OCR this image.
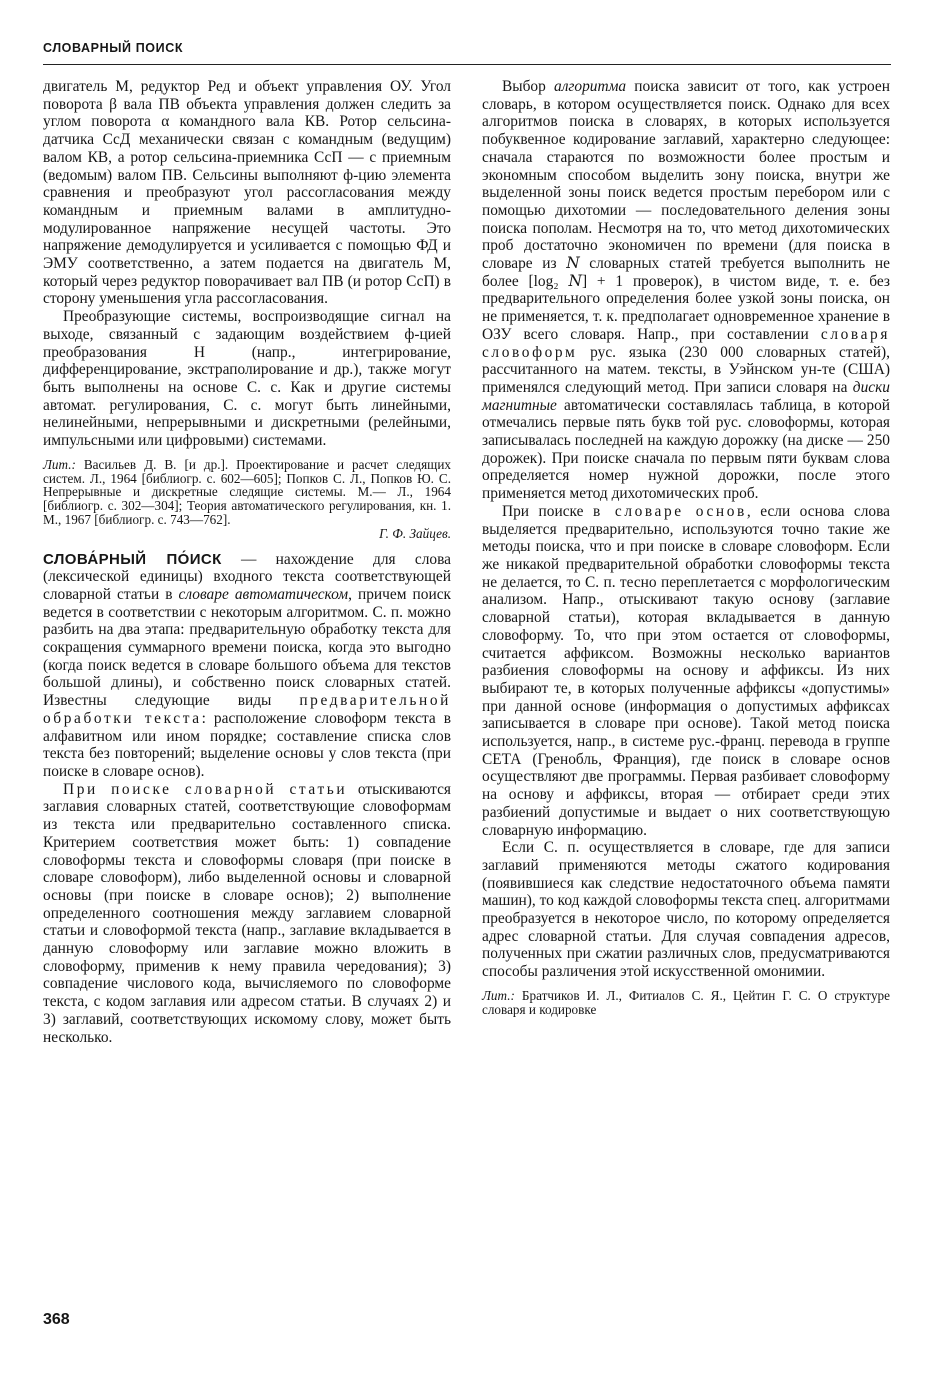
СЛОВАРНЫЙ ПОИСК

двигатель М, редуктор Ред и объект управления ОУ. Угол поворота β вала ПВ объекта управления должен следить за углом поворота α командного вала КВ. Ротор сельсина-датчика СсД механически связан с командным (ведущим) валом КВ, а ротор сельсина-приемника СсП — с приемным (ведомым) валом ПВ. Сельсины выполняют ф-цию элемента сравнения и преобразуют угол рассогласования между командным и приемным валами в амплитудно-модулированное напряжение несущей частоты. Это напряжение демодулируется и усиливается с помощью ФД и ЭМУ соответственно, а затем подается на двигатель М, который через редуктор поворачивает вал ПВ (и ротор СсП) в сторону уменьшения угла рассогласования.

Преобразующие системы, воспроизводящие сигнал на выходе, связанный с задающим воздействием ф-цией преобразования H (напр., интегрирование, дифференцирование, экстраполирование и др.), также могут быть выполнены на основе С. с. Как и другие системы автомат. регулирования, С. с. могут быть линейными, нелинейными, непрерывными и дискретными (релейными, импульсными или цифровыми) системами.

Лит.: Васильев Д. В. [и др.]. Проектирование и расчет следящих систем. Л., 1964 [библиогр. с. 602—605]; Попков С. Л., Попков Ю. С. Непрерывные и дискретные следящие системы. М.— Л., 1964 [библиогр. с. 302—304]; Теория автоматического регулирования, кн. 1. М., 1967 [библиогр. с. 743—762].

Г. Ф. Зайцев.

СЛОВА́РНЫЙ ПО́ИСК — нахождение для слова (лексической единицы) входного текста соответствующей словарной статьи в словаре автоматическом, причем поиск ведется в соответствии с некоторым алгоритмом. С. п. можно разбить на два этапа: предварительную обработку текста для сокращения суммарного времени поиска, когда это выгодно (когда поиск ведется в словаре большого объема для текстов большой длины), и собственно поиск словарных статей. Известны следующие виды предварительной обработки текста: расположение словоформ текста в алфавитном или ином порядке; составление списка слов текста без повторений; выделение основы у слов текста (при поиске в словаре основ).

При поиске словарной статьи отыскиваются заглавия словарных статей, соответствующие словоформам из текста или предварительно составленного списка. Критерием соответствия может быть: 1) совпадение словоформы текста и словоформы словаря (при поиске в словаре словоформ), либо выделенной основы и словарной основы (при поиске в словаре основ); 2) выполнение определенного соотношения между заглавием словарной статьи и словоформой текста (напр., заглавие вкладывается в данную словоформу или заглавие можно вложить в словоформу, применив к нему правила чередования); 3) совпадение числового кода, вычисляемого по словоформе текста, с кодом заглавия или адресом статьи. В случаях 2) и 3) заглавий, соответствующих искомому слову, может быть несколько.

Выбор алгоритма поиска зависит от того, как устроен словарь, в котором осуществляется поиск. Однако для всех алгоритмов поиска в словарях, в которых используется побуквенное кодирование заглавий, характерно следующее: сначала стараются по возможности более простым и экономным способом выделить зону поиска, внутри же выделенной зоны поиск ведется простым перебором или с помощью дихотомии — последовательного деления зоны поиска пополам. Несмотря на то, что метод дихотомических проб достаточно экономичен по времени (для поиска в словаре из 𝑁 словарных статей требуется выполнить не более [log₂ 𝑁] + 1 проверок), в чистом виде, т. е. без предварительного определения более узкой зоны поиска, он не применяется, т. к. предполагает одновременное хранение в ОЗУ всего словаря. Напр., при составлении словаря словоформ рус. языка (230 000 словарных статей), рассчитанного на матем. тексты, в Уэйнском ун-те (США) применялся следующий метод. При записи словаря на диски магнитные автоматически составлялась таблица, в которой отмечались первые пять букв той рус. словоформы, которая записывалась последней на каждую дорожку (на диске — 250 дорожек). При поиске сначала по первым пяти буквам слова определяется номер нужной дорожки, после этого применяется метод дихотомических проб.

При поиске в словаре основ, если основа слова выделяется предварительно, используются точно такие же методы поиска, что и при поиске в словаре словоформ. Если же никакой предварительной обработки словоформы текста не делается, то С. п. тесно переплетается с морфологическим анализом. Напр., отыскивают такую основу (заглавие словарной статьи), которая вкладывается в данную словоформу. То, что при этом остается от словоформы, считается аффиксом. Возможны несколько вариантов разбиения словоформы на основу и аффиксы. Из них выбирают те, в которых полученные аффиксы «допустимы» при данной основе (информация о допустимых аффиксах записывается в словаре при основе). Такой метод поиска используется, напр., в системе рус.-франц. перевода в группе СЕТА (Гренобль, Франция), где поиск в словаре основ осуществляют две программы. Первая разбивает словоформу на основу и аффиксы, вторая — отбирает среди этих разбиений допустимые и выдает о них соответствующую словарную информацию.

Если С. п. осуществляется в словаре, где для записи заглавий применяются методы сжатого кодирования (появившиеся как следствие недостаточного объема памяти машин), то код каждой словоформы текста спец. алгоритмами преобразуется в некоторое число, по которому определяется адрес словарной статьи. Для случая совпадения адресов, полученных при сжатии различных слов, предусматриваются способы различения этой искусственной омонимии.

Лит.: Братчиков И. Л., Фитиалов С. Я., Цейтин Г. С. О структуре словаря и кодировке

368
